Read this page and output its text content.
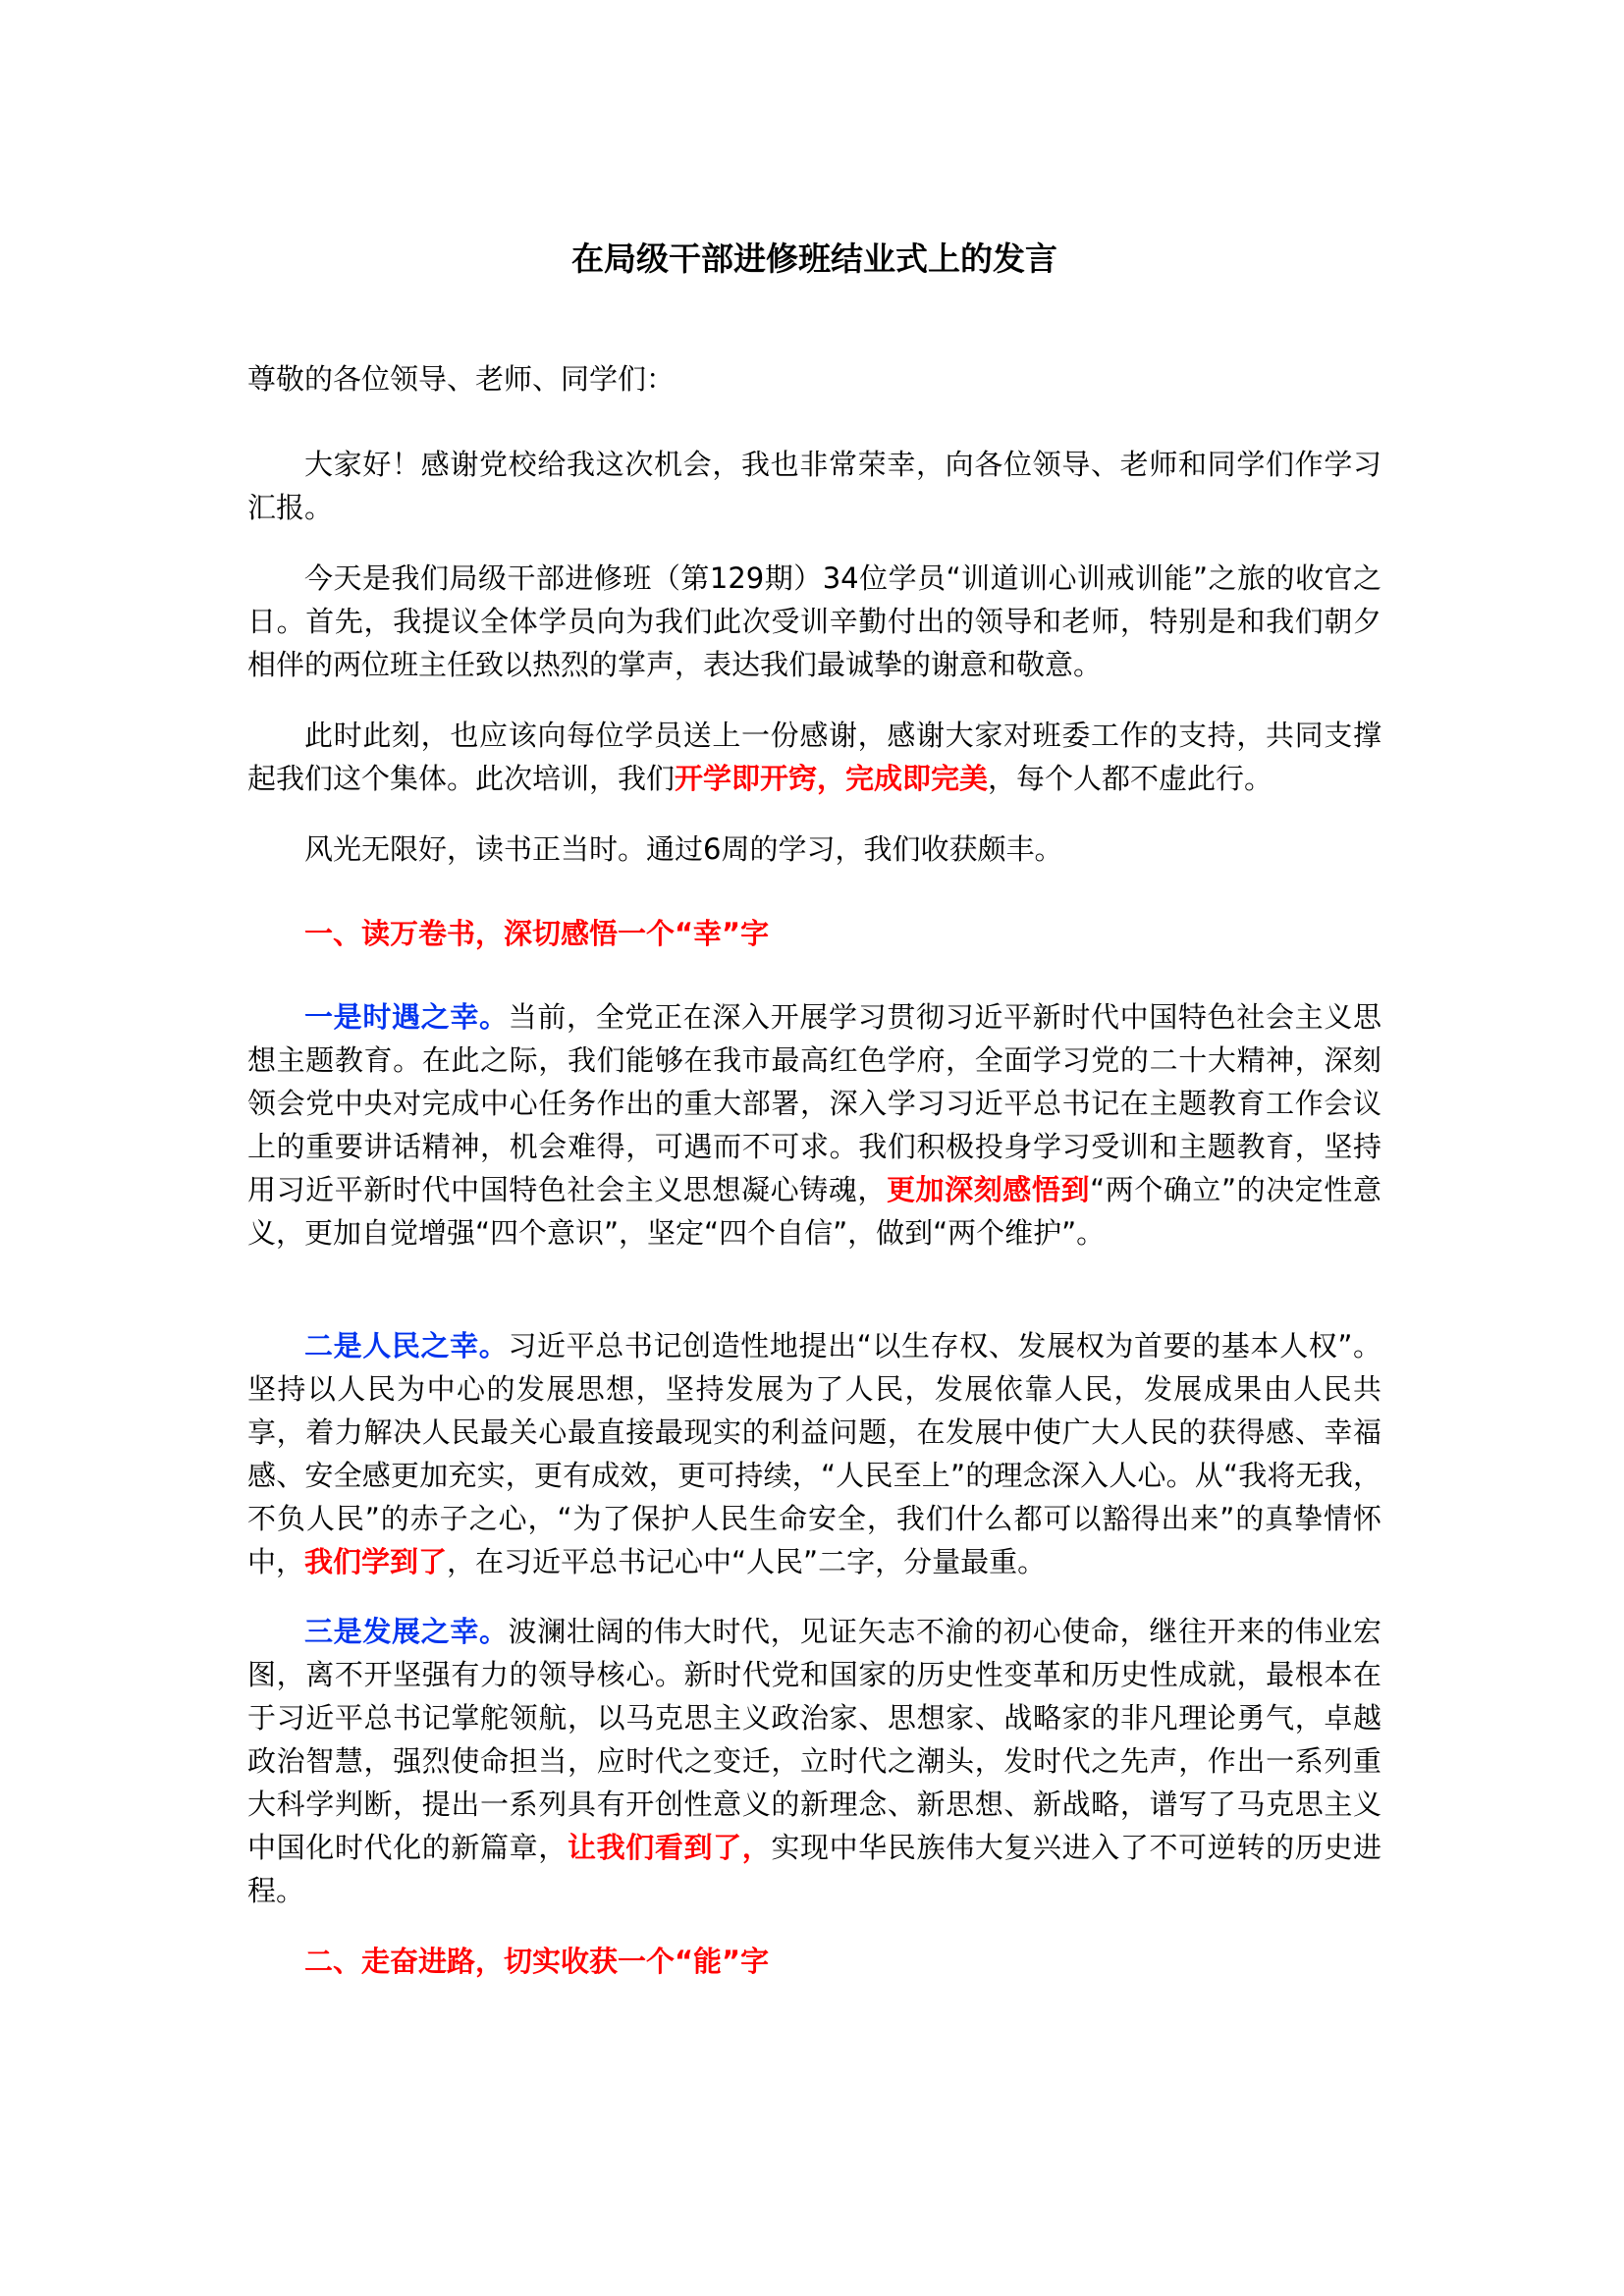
在局级干部进修班结业式上的发言

尊敬的各位领导、老师、同学们：

大家好！感谢党校给我这次机会，我也非常荣幸，向各位领导、老师和同学们作学习汇报。

今天是我们局级干部进修班（第129期）34位学员“训道训心训戒训能”之旅的收官之日。首先，我提议全体学员向为我们此次受训辛勤付出的领导和老师，特别是和我们朝夕相伴的两位班主任致以热烈的掌声，表达我们最诚挚的谢意和敬意。

此时此刻，也应该向每位学员送上一份感谢，感谢大家对班委工作的支持，共同支撑起我们这个集体。此次培训，我们开学即开窍，完成即完美，每个人都不虚此行。

风光无限好，读书正当时。通过6周的学习，我们收获颇丰。

一、读万卷书，深切感悟一个“幸”字

一是时遇之幸。当前，全党正在深入开展学习贯彻习近平新时代中国特色社会主义思想主题教育。在此之际，我们能够在我市最高红色学府，全面学习党的二十大精神，深刻领会党中央对完成中心任务作出的重大部署，深入学习习近平总书记在主题教育工作会议上的重要讲话精神，机会难得，可遇而不可求。我们积极投身学习受训和主题教育，坚持用习近平新时代中国特色社会主义思想凝心铸魂，更加深刻感悟到“两个确立”的决定性意义，更加自觉增强“四个意识”，坚定“四个自信”，做到“两个维护”。

二是人民之幸。习近平总书记创造性地提出“以生存权、发展权为首要的基本人权”。坚持以人民为中心的发展思想，坚持发展为了人民，发展依靠人民，发展成果由人民共享，着力解决人民最关心最直接最现实的利益问题，在发展中使广大人民的获得感、幸福感、安全感更加充实，更有成效，更可持续，“人民至上”的理念深入人心。从“我将无我，不负人民”的赤子之心，“为了保护人民生命安全，我们什么都可以豁得出来”的真挚情怀中，我们学到了，在习近平总书记心中“人民”二字，分量最重。

三是发展之幸。波澜壮阔的伟大时代，见证矢志不渝的初心使命，继往开来的伟业宏图，离不开坚强有力的领导核心。新时代党和国家的历史性变革和历史性成就，最根本在于习近平总书记掌舵领航，以马克思主义政治家、思想家、战略家的非凡理论勇气，卓越政治智慧，强烈使命担当，应时代之变迁，立时代之潮头，发时代之先声，作出一系列重大科学判断，提出一系列具有开创性意义的新理念、新思想、新战略，谱写了马克思主义中国化时代化的新篇章，让我们看到了，实现中华民族伟大复兴进入了不可逆转的历史进程。

二、走奋进路，切实收获一个“能”字
